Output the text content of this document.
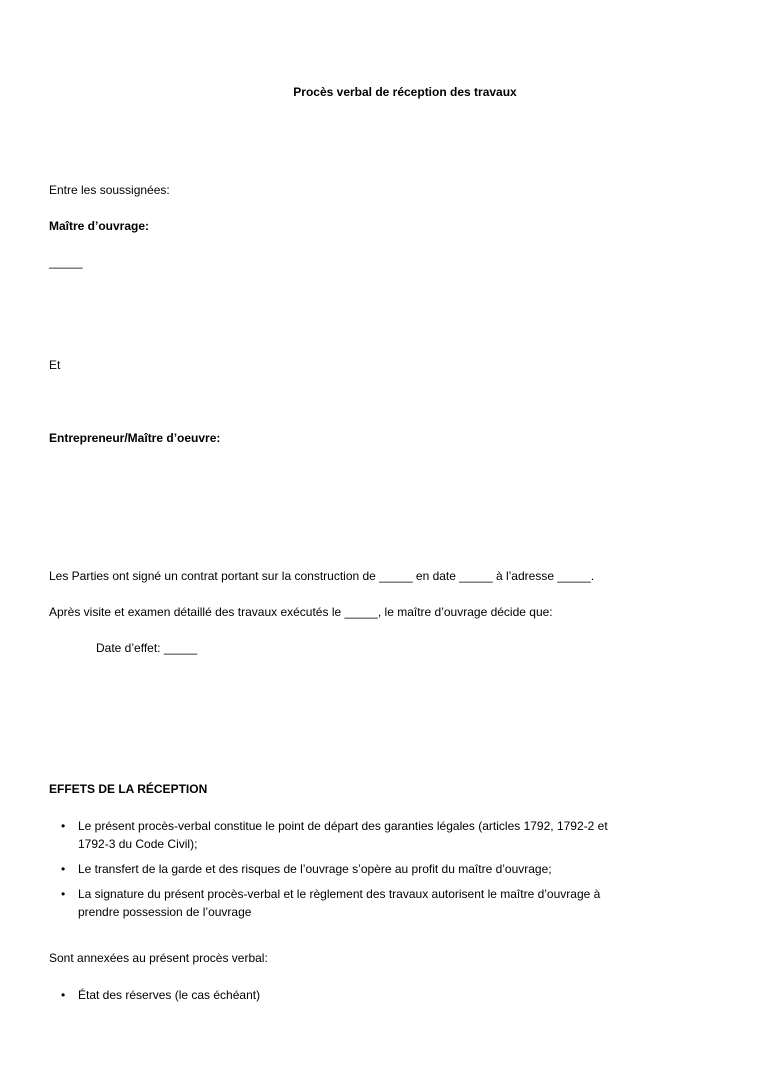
Procès verbal de réception des travaux

Entre les soussignées:

Maître d’ouvrage:

_____

Et

Entrepreneur/Maître d’oeuvre:

Les Parties ont signé un contrat portant sur la construction de _____ en date _____ à l’adresse _____.

Après visite et examen détaillé des travaux exécutés le _____, le maître d’ouvrage décide que:

Date d’effet: _____

EFFETS DE LA RÉCEPTION

• Le présent procès-verbal constitue le point de départ des garanties légales (articles 1792, 1792-2 et
1792-3 du Code Civil);
• Le transfert de la garde et des risques de l’ouvrage s’opère au profit du maître d’ouvrage;
• La signature du présent procès-verbal et le règlement des travaux autorisent le maître d’ouvrage à
prendre possession de l’ouvrage

Sont annexées au présent procès verbal:

• État des réserves (le cas échéant)
